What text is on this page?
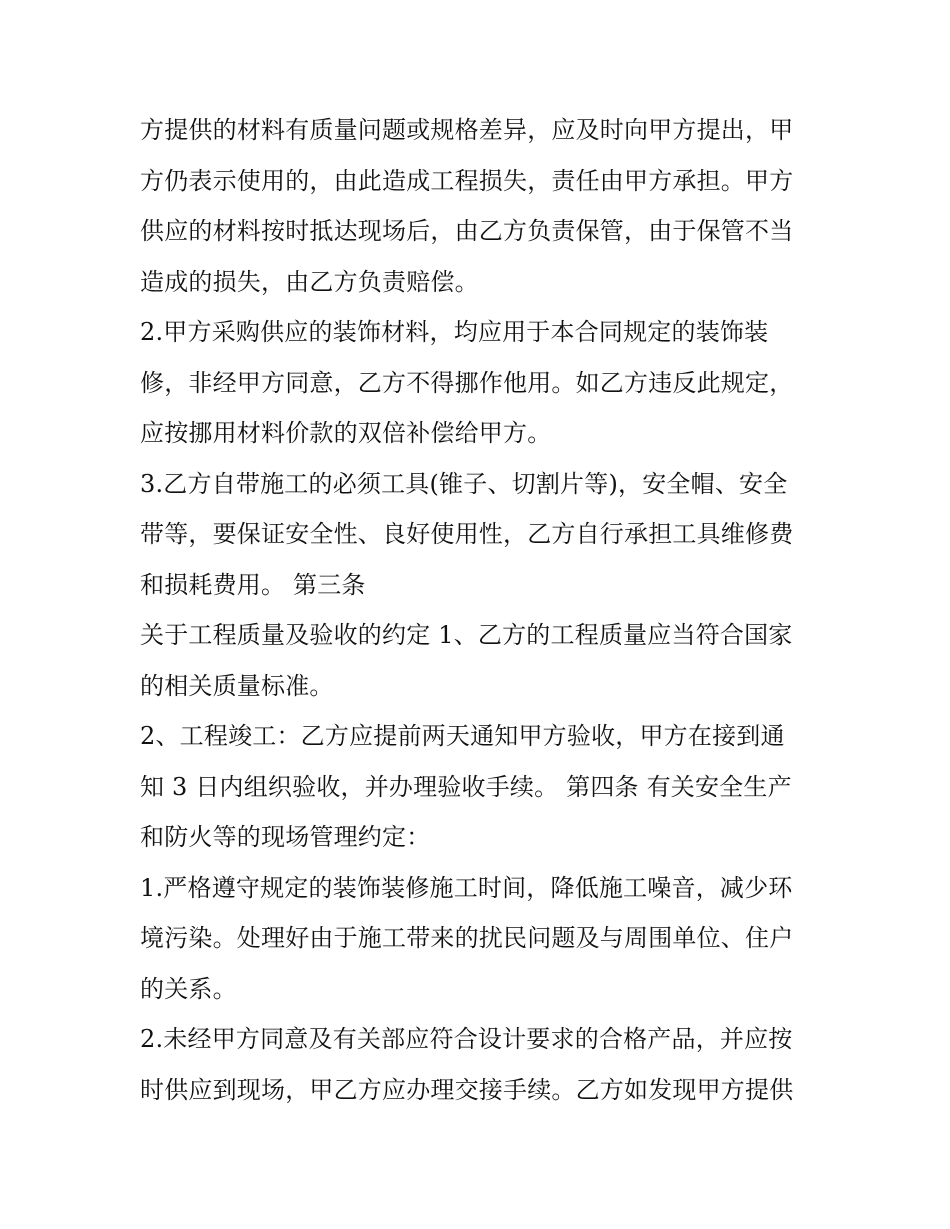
方提供的材料有质量问题或规格差异，应及时向甲方提出，甲
方仍表示使用的，由此造成工程损失，责任由甲方承担。甲方
供应的材料按时抵达现场后，由乙方负责保管，由于保管不当
造成的损失，由乙方负责赔偿。
2.甲方采购供应的装饰材料，均应用于本合同规定的装饰装
修，非经甲方同意，乙方不得挪作他用。如乙方违反此规定，
应按挪用材料价款的双倍补偿给甲方。
3.乙方自带施工的必须工具(锥子、切割片等)，安全帽、安全
带等，要保证安全性、良好使用性，乙方自行承担工具维修费
和损耗费用。 第三条
关于工程质量及验收的约定 1、乙方的工程质量应当符合国家
的相关质量标准。
2、工程竣工：乙方应提前两天通知甲方验收，甲方在接到通
知 3 日内组织验收，并办理验收手续。 第四条 有关安全生产
和防火等的现场管理约定：
1.严格遵守规定的装饰装修施工时间，降低施工噪音，减少环
境污染。处理好由于施工带来的扰民问题及与周围单位、住户
的关系。
2.未经甲方同意及有关部应符合设计要求的合格产品，并应按
时供应到现场，甲乙方应办理交接手续。乙方如发现甲方提供
